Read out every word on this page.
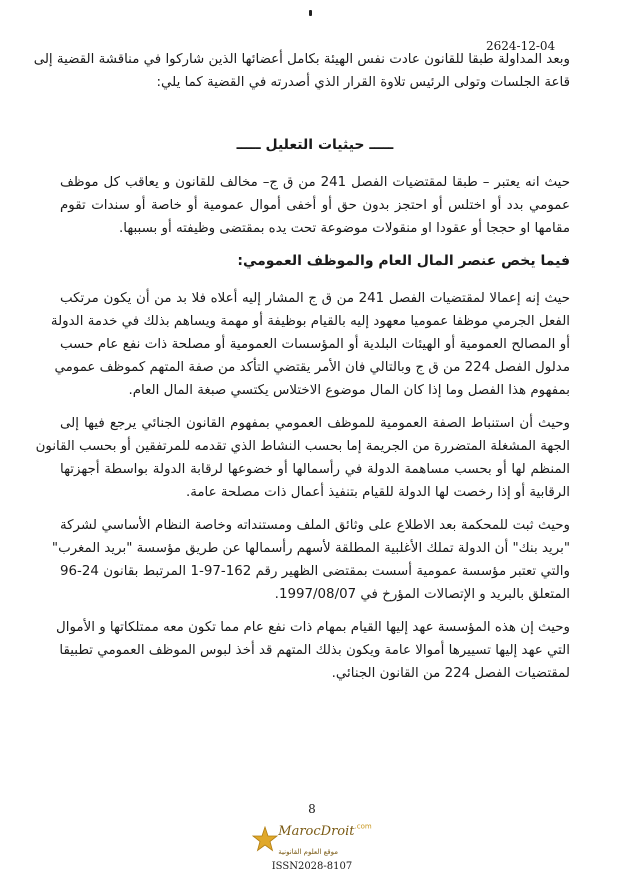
2624-12-04
وبعد المداولة طبقا للقانون عادت نفس الهيئة بكامل أعضائها الذين شاركوا في مناقشة القضية إلى
قاعة الجلسات وتولى الرئيس تلاوة القرار الذي أصدرته في القضية كما يلي:
ـــــ حيثيات التعليل ـــــ
حيث انه يعتبر – طبقا لمقتضيات الفصل 241 من ق ج– مخالف للقانون و يعاقب كل موظف
عمومي بدد أو اختلس أو احتجز بدون حق أو أخفى أموال عمومية أو خاصة أو سندات تقوم
مقامها او حججا أو عقودا او منقولات موضوعة تحت يده بمقتضى وظيفته أو بسببها.
فيما يخص عنصر المال العام والموظف العمومي:
حيث إنه إعمالا لمقتضيات الفصل 241 من ق ج المشار إليه أعلاه فلا بد من أن يكون مرتكب
الفعل الجرمي موظفا عموميا معهود إليه بالقيام بوظيفة أو مهمة ويساهم بذلك في خدمة الدولة
أو المصالح العمومية أو الهيئات البلدية أو المؤسسات العمومية أو مصلحة ذات نفع عام حسب
مدلول الفصل 224 من ق ج وبالتالي فان الأمر يقتضي التأكد من صفة المتهم كموظف عمومي
بمفهوم هذا الفصل وما إذا كان المال موضوع الاختلاس يكتسي صبغة المال العام.
وحيث أن استنباط الصفة العمومية للموظف العمومي بمفهوم القانون الجنائي يرجع فيها إلى
الجهة المشغلة المتضررة من الجريمة إما بحسب النشاط الذي تقدمه للمرتفقين أو بحسب القانون
المنظم لها أو بحسب مساهمة الدولة في رأسمالها أو خضوعها لرقابة الدولة بواسطة أجهزتها
الرقابية أو إذا رخصت لها الدولة للقيام بتنفيذ أعمال ذات مصلحة عامة.
وحيث ثبت للمحكمة بعد الاطلاع على وثائق الملف ومستنداته وخاصة النظام الأساسي لشركة
"بريد بنك" أن الدولة تملك الأغلبية المطلقة لأسهم رأسمالها عن طريق مؤسسة "بريد المغرب"
والتي تعتبر مؤسسة عمومية أسست بمقتضى الظهير رقم 162-97-1 المرتبط بقانون 24-96
المتعلق بالبريد و الإتصالات المؤرخ في 1997/08/07.
وحيث إن هذه المؤسسة عهد إليها القيام بمهام ذات نفع عام مما تكون معه ممتلكاتها و الأموال
التي عهد إليها تسييرها أموالا عامة ويكون بذلك المتهم قد أخذ لبوس الموظف العمومي تطبيقا
لمقتضيات الفصل 224 من القانون الجنائي.
8
MarocDroit$^{.com}$
موقع العلوم القانونية
ISSN2028-8107
